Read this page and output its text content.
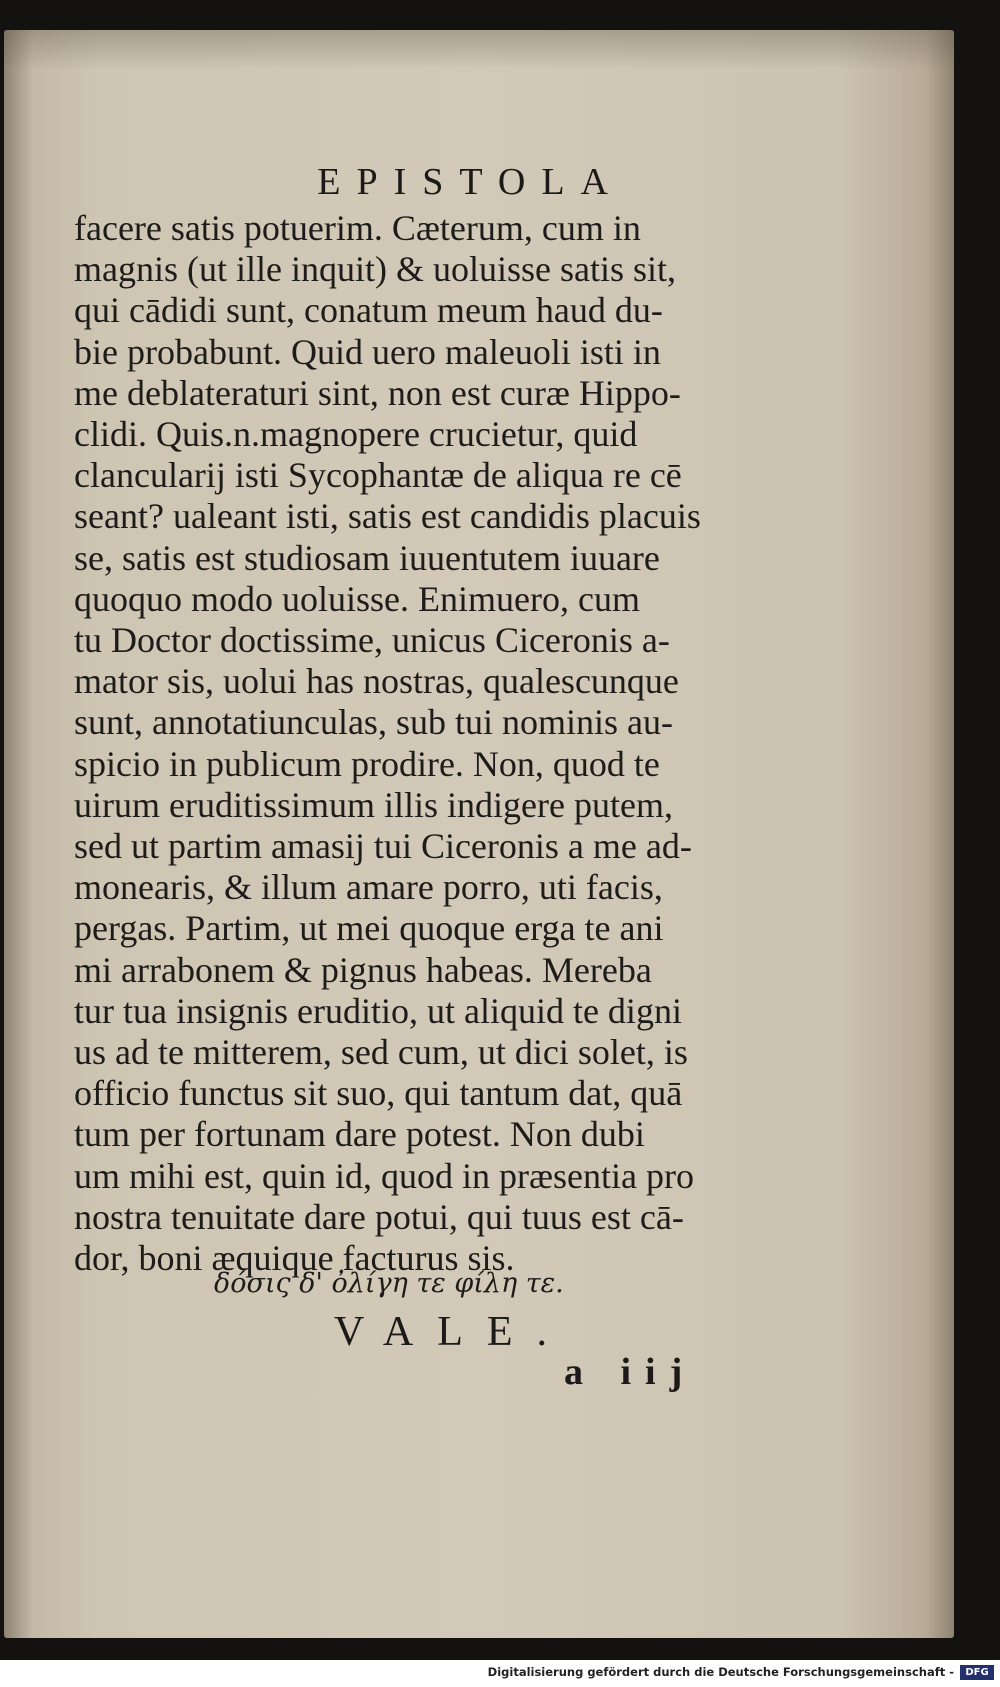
EPISTOLA
facere satis potuerim. Cæterum, cum in
magnis (ut ille inquit) & uoluisse satis sit,
qui cādidi sunt, conatum meum haud du-
bie probabunt. Quid uero maleuoli isti in
me deblateraturi sint, non est curæ Hippo-
clidi. Quis.n.magnopere crucietur, quid
clancularij isti Sycophantæ de aliqua re cē
seant? ualeant isti, satis est candidis placuis
se, satis est studiosam iuuentutem iuuare
quoquo modo uoluisse. Enimuero, cum
tu Doctor doctissime, unicus Ciceronis a-
mator sis, uolui has nostras, qualescunque
sunt, annotatiunculas, sub tui nominis au-
spicio in publicum prodire. Non, quod te
uirum eruditissimum illis indigere putem,
sed ut partim amasij tui Ciceronis a me ad-
monearis, & illum amare porro, uti facis,
pergas. Partim, ut mei quoque erga te ani
mi arrabonem & pignus habeas. Mereba
tur tua insignis eruditio, ut aliquid te digni
us ad te mitterem, sed cum, ut dici solet, is
officio functus sit suo, qui tantum dat, quā
tum per fortunam dare potest. Non dubi
um mihi est, quin id, quod in præsentia pro
nostra tenuitate dare potui, qui tuus est cā-
dor, boni æquique facturus sis.
δόσις δ' ὀλίγη τε φίλη τε.
VALE.
a iij
Digitalisierung gefördert durch die Deutsche Forschungsgemeinschaft -	DFG
